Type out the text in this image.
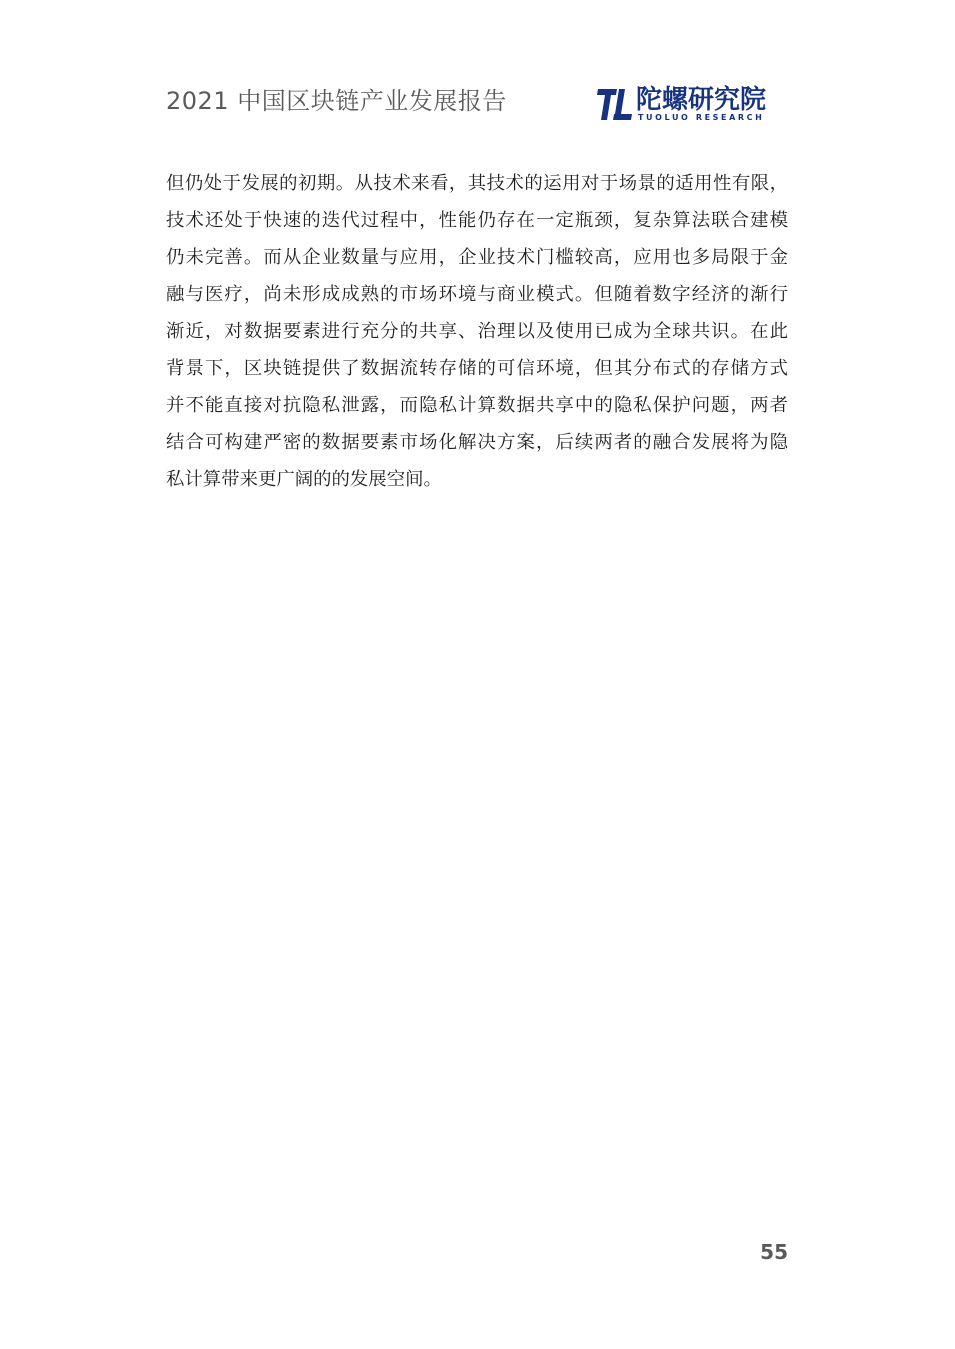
2021 中国区块链产业发展报告	陀螺研究院
TUOLUO RESEARCH
但仍处于发展的初期。从技术来看，其技术的运用对于场景的适用性有限，
技术还处于快速的迭代过程中，性能仍存在一定瓶颈，复杂算法联合建模
仍未完善。而从企业数量与应用，企业技术门槛较高，应用也多局限于金
融与医疗，尚未形成成熟的市场环境与商业模式。但随着数字经济的渐行
渐近，对数据要素进行充分的共享、治理以及使用已成为全球共识。在此
背景下，区块链提供了数据流转存储的可信环境，但其分布式的存储方式
并不能直接对抗隐私泄露，而隐私计算数据共享中的隐私保护问题，两者
结合可构建严密的数据要素市场化解决方案，后续两者的融合发展将为隐
私计算带来更广阔的的发展空间。
55
